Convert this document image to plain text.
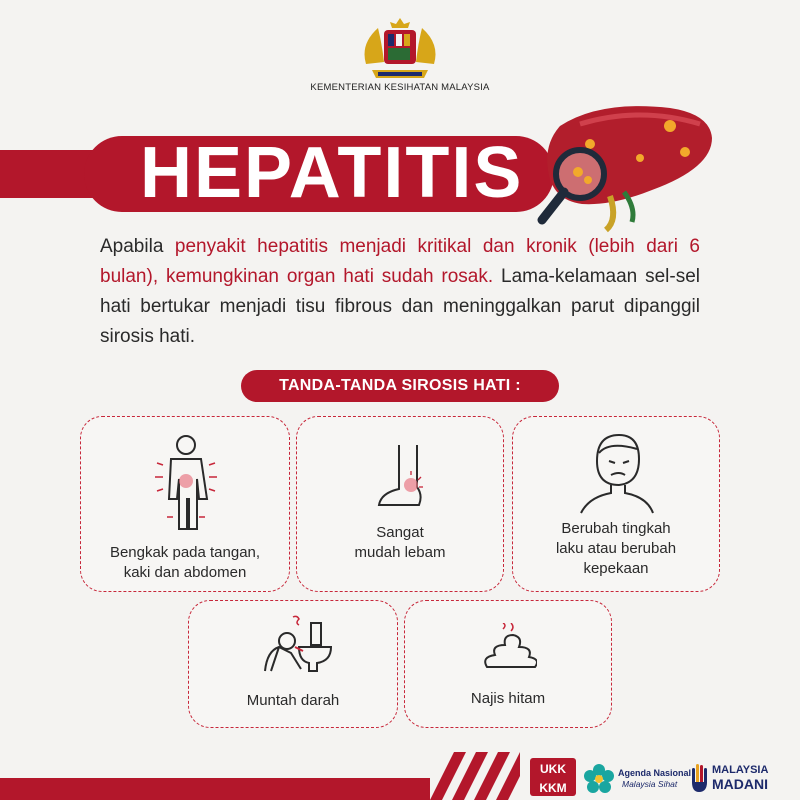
KEMENTERIAN KESIHATAN MALAYSIA
HEPATITIS
Apabila penyakit hepatitis menjadi kritikal dan kronik (lebih dari 6 bulan), kemungkinan organ hati sudah rosak. Lama-kelamaan sel-sel hati bertukar menjadi tisu fibrous dan meninggalkan parut dipanggil sirosis hati.
TANDA-TANDA SIROSIS HATI :
Bengkak pada tangan,
kaki dan abdomen
Sangat
mudah lebam
Berubah tingkah
laku atau berubah
kepekaan
Muntah darah	Najis hitam
UKK
KKM
Agenda Nasional
Malaysia Sihat
MALAYSIA
MADANI
